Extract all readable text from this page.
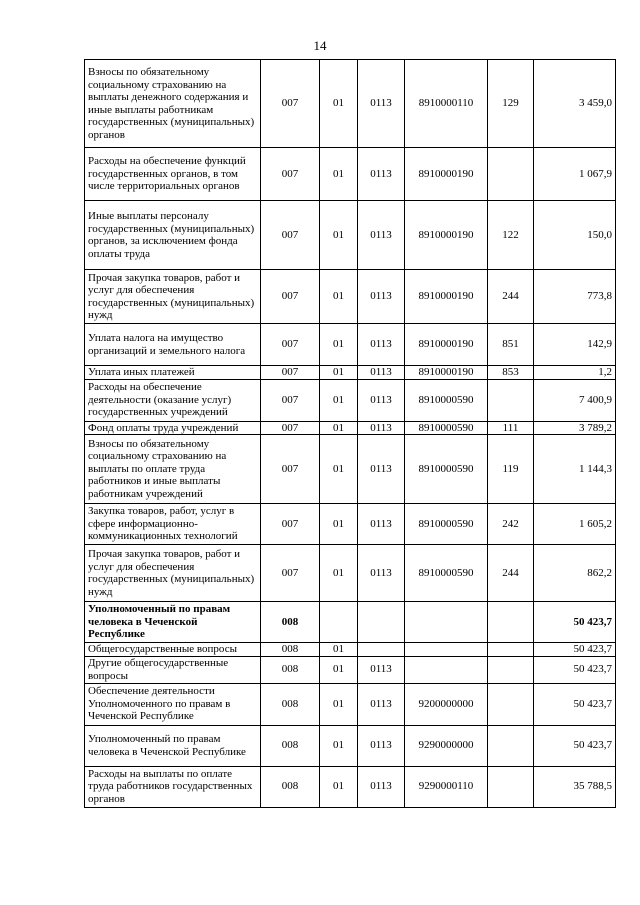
14
Взносы по обязательному социальному страхованию на выплаты денежного содержания и иные выплаты работникам государственных (муниципальных) органов	007	01	0113	8910000110	129	3 459,0
Расходы на обеспечение функций государственных органов, в том числе территориальных органов	007	01	0113	8910000190		1 067,9
Иные выплаты персоналу государственных (муниципальных) органов, за исключением фонда оплаты труда	007	01	0113	8910000190	122	150,0
Прочая закупка товаров, работ и услуг для обеспечения государственных (муниципальных) нужд	007	01	0113	8910000190	244	773,8
Уплата налога на имущество организаций и земельного налога	007	01	0113	8910000190	851	142,9
Уплата иных платежей	007	01	0113	8910000190	853	1,2
Расходы на обеспечение деятельности (оказание услуг) государственных учреждений	007	01	0113	8910000590		7 400,9
Фонд оплаты труда учреждений	007	01	0113	8910000590	111	3 789,2
Взносы по обязательному социальному страхованию на выплаты по оплате труда работников и иные выплаты работникам учреждений	007	01	0113	8910000590	119	1 144,3
Закупка товаров, работ, услуг в сфере информационно-коммуникационных технологий	007	01	0113	8910000590	242	1 605,2
Прочая закупка товаров, работ и услуг для обеспечения государственных (муниципальных) нужд	007	01	0113	8910000590	244	862,2
Уполномоченный по правам человека в Чеченской Республике	008					50 423,7
Общегосударственные вопросы	008	01				50 423,7
Другие общегосударственные вопросы	008	01	0113			50 423,7
Обеспечение деятельности Уполномоченного по правам в Чеченской Республике	008	01	0113	9200000000		50 423,7
Уполномоченный по правам человека в Чеченской Республике	008	01	0113	9290000000		50 423,7
Расходы на выплаты по оплате труда работников государственных органов	008	01	0113	9290000110		35 788,5
